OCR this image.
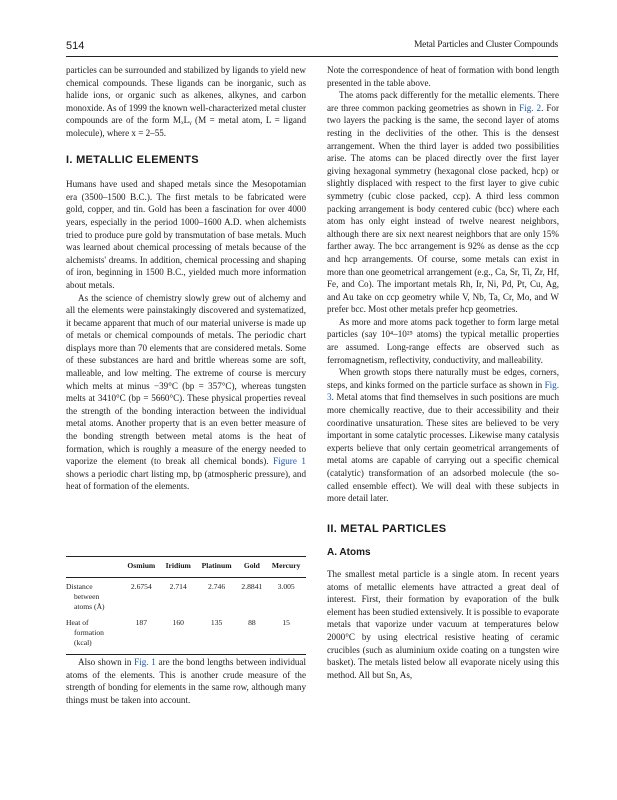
514	Metal Particles and Cluster Compounds

particles can be surrounded and stabilized by ligands to yield new chemical compounds. These ligands can be inorganic, such as halide ions, or organic such as alkenes, alkynes, and carbon monoxide. As of 1999 the known well-characterized metal cluster compounds are of the form MₓLᵧ (M = metal atom, L = ligand molecule), where x = 2–55.

I. METALLIC ELEMENTS

Humans have used and shaped metals since the Mesopotamian era (3500–1500 B.C.). The first metals to be fabricated were gold, copper, and tin. Gold has been a fascination for over 4000 years, especially in the period 1000–1600 A.D. when alchemists tried to produce pure gold by transmutation of base metals. Much was learned about chemical processing of metals because of the alchemists' dreams. In addition, chemical processing and shaping of iron, beginning in 1500 B.C., yielded much more information about metals.

As the science of chemistry slowly grew out of alchemy and all the elements were painstakingly discovered and systematized, it became apparent that much of our material universe is made up of metals or chemical compounds of metals. The periodic chart displays more than 70 elements that are considered metals. Some of these substances are hard and brittle whereas some are soft, malleable, and low melting. The extreme of course is mercury which melts at minus −39°C (bp = 357°C), whereas tungsten melts at 3410°C (bp = 5660°C). These physical properties reveal the strength of the bonding interaction between the individual metal atoms. Another property that is an even better measure of the bonding strength between metal atoms is the heat of formation, which is roughly a measure of the energy needed to vaporize the element (to break all chemical bonds). Figure 1 shows a periodic chart listing mp, bp (atmospheric pressure), and heat of formation of the elements.

	Osmium	Iridium	Platinum	Gold	Mercury
Distance
between
atoms (Å)	2.6754	2.714	2.746	2.8841	3.005
Heat of
formation
(kcal)	187	160	135	88	15

Also shown in Fig. 1 are the bond lengths between individual atoms of the elements. This is another crude measure of the strength of bonding for elements in the same row, although many things must be taken into account.

Note the correspondence of heat of formation with bond length presented in the table above.

The atoms pack differently for the metallic elements. There are three common packing geometries as shown in Fig. 2. For two layers the packing is the same, the second layer of atoms resting in the declivities of the other. This is the densest arrangement. When the third layer is added two possibilities arise. The atoms can be placed directly over the first layer giving hexagonal symmetry (hexagonal close packed, hcp) or slightly displaced with respect to the first layer to give cubic symmetry (cubic close packed, ccp). A third less common packing arrangement is body centered cubic (bcc) where each atom has only eight instead of twelve nearest neighbors, although there are six next nearest neighbors that are only 15% farther away. The bcc arrangement is 92% as dense as the ccp and hcp arrangements. Of course, some metals can exist in more than one geometrical arrangement (e.g., Ca, Sr, Ti, Zr, Hf, Fe, and Co). The important metals Rh, Ir, Ni, Pd, Pt, Cu, Ag, and Au take on ccp geometry while V, Nb, Ta, Cr, Mo, and W prefer bcc. Most other metals prefer hcp geometries.

As more and more atoms pack together to form large metal particles (say 10⁴–10²⁵ atoms) the typical metallic properties are assumed. Long-range effects are observed such as ferromagnetism, reflectivity, conductivity, and malleability.

When growth stops there naturally must be edges, corners, steps, and kinks formed on the particle surface as shown in Fig. 3. Metal atoms that find themselves in such positions are much more chemically reactive, due to their accessibility and their coordinative unsaturation. These sites are believed to be very important in some catalytic processes. Likewise many catalysis experts believe that only certain geometrical arrangements of metal atoms are capable of carrying out a specific chemical (catalytic) transformation of an adsorbed molecule (the so-called ensemble effect). We will deal with these subjects in more detail later.

II. METAL PARTICLES
A. Atoms

The smallest metal particle is a single atom. In recent years atoms of metallic elements have attracted a great deal of interest. First, their formation by evaporation of the bulk element has been studied extensively. It is possible to evaporate metals that vaporize under vacuum at temperatures below 2000°C by using electrical resistive heating of ceramic crucibles (such as aluminium oxide coating on a tungsten wire basket). The metals listed below all evaporate nicely using this method. All but Sn, As,
